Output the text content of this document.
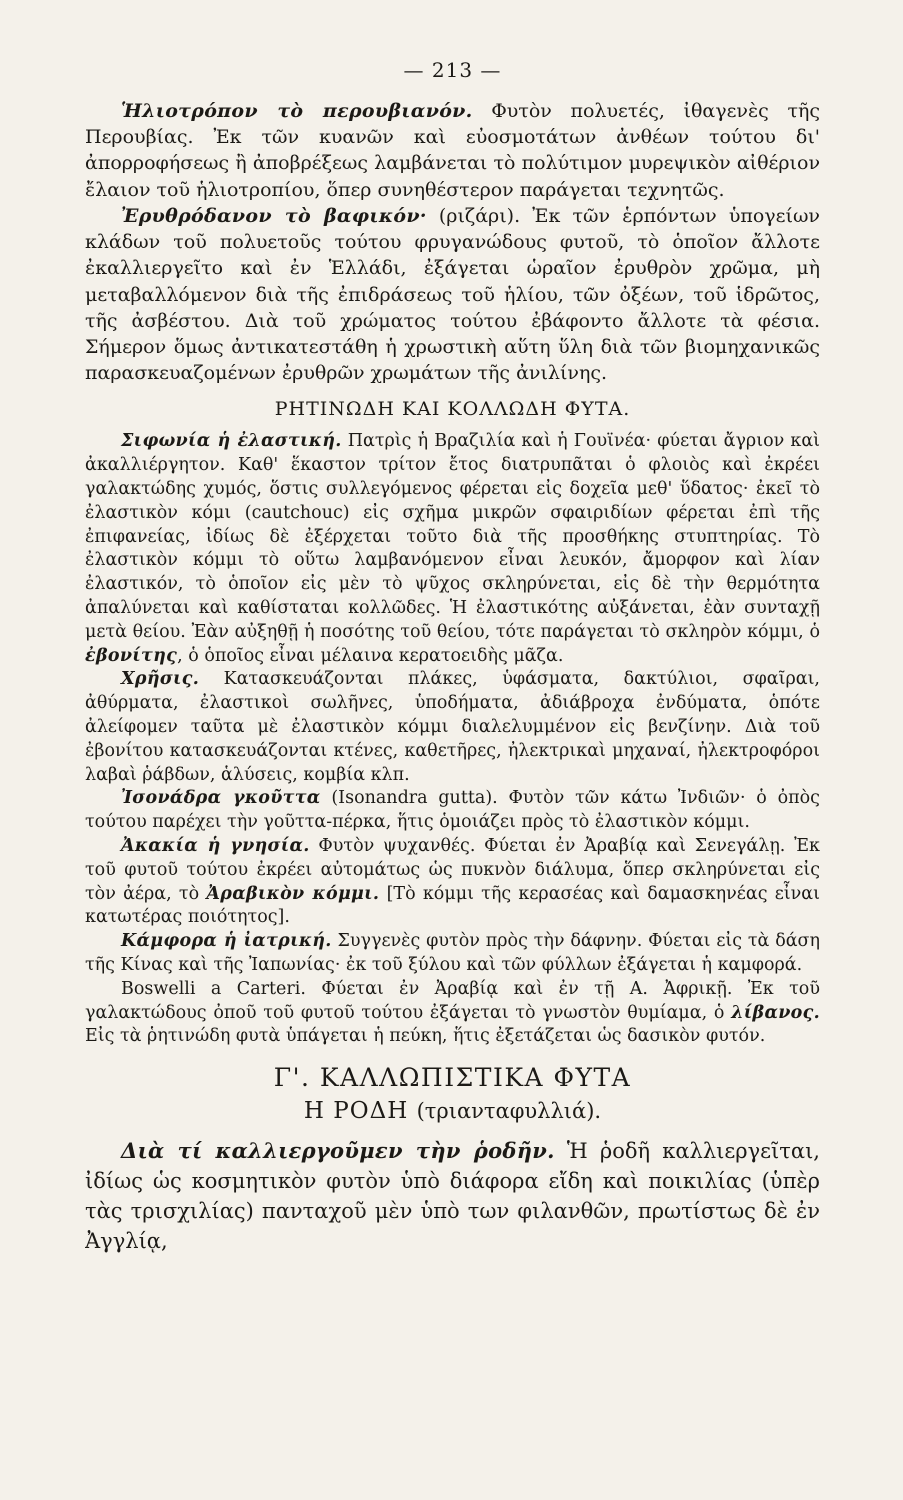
— 213 —

Ἡλιοτρόπον τὸ περουβιανόν. Φυτὸν πολυετές, ἰθαγενὲς τῆς Περουβίας. Ἐκ τῶν κυανῶν καὶ εὐοσμοτάτων ἀνθέων τούτου δι' ἀπορροφήσεως ἢ ἀποβρέξεως λαμβάνεται τὸ πολύτιμον μυρεψικὸν αἰθέριον ἔλαιον τοῦ ἡλιοτροπίου, ὅπερ συνηθέστερον παράγεται τεχνητῶς.

Ἐρυθρόδανον τὸ βαφικόν· (ριζάρι). Ἐκ τῶν ἑρπόντων ὑπογείων κλάδων τοῦ πολυετοῦς τούτου φρυγανώδους φυτοῦ, τὸ ὁποῖον ἄλλοτε ἐκαλλιεργεῖτο καὶ ἐν Ἑλλάδι, ἐξάγεται ὡραῖον ἐρυθρὸν χρῶμα, μὴ μεταβαλλόμενον διὰ τῆς ἐπιδράσεως τοῦ ἡλίου, τῶν ὀξέων, τοῦ ἱδρῶτος, τῆς ἀσβέστου. Διὰ τοῦ χρώματος τούτου ἐβάφοντο ἄλλοτε τὰ φέσια. Σήμερον ὅμως ἀντικατεστάθη ἡ χρωστικὴ αὕτη ὕλη διὰ τῶν βιομηχανικῶς παρασκευαζομένων ἐρυθρῶν χρωμάτων τῆς ἀνιλίνης.

ΡΗΤΙΝΩΔΗ ΚΑΙ ΚΟΛΛΩΔΗ ΦΥΤΑ.

Σιφωνία ἡ ἐλαστική. Πατρὶς ἡ Βραζιλία καὶ ἡ Γουϊνέα· φύεται ἄγριον καὶ ἀκαλλιέργητον. Καθ' ἕκαστον τρίτον ἔτος διατρυπᾶται ὁ φλοιὸς καὶ ἐκρέει γαλακτώδης χυμός, ὅστις συλλεγόμενος φέρεται εἰς δοχεῖα μεθ' ὕδατος· ἐκεῖ τὸ ἐλαστικὸν κόμι (cautchouc) εἰς σχῆμα μικρῶν σφαιριδίων φέρεται ἐπὶ τῆς ἐπιφανείας, ἰδίως δὲ ἐξέρχεται τοῦτο διὰ τῆς προσθήκης στυπτηρίας. Τὸ ἐλαστικὸν κόμμι τὸ οὕτω λαμβανόμενον εἶναι λευκόν, ἄμορφον καὶ λίαν ἐλαστικόν, τὸ ὁποῖον εἰς μὲν τὸ ψῦχος σκληρύνεται, εἰς δὲ τὴν θερμότητα ἀπαλύνεται καὶ καθίσταται κολλῶδες. Ἡ ἐλαστικότης αὐξάνεται, ἐὰν συνταχῇ μετὰ θείου. Ἐὰν αὐξηθῇ ἡ ποσότης τοῦ θείου, τότε παράγεται τὸ σκληρὸν κόμμι, ὁ ἐβονίτης, ὁ ὁποῖος εἶναι μέλαινα κερατοειδὴς μᾶζα.

Χρῆσις. Κατασκευάζονται πλάκες, ὑφάσματα, δακτύλιοι, σφαῖραι, ἀθύρματα, ἐλαστικοὶ σωλῆνες, ὑποδήματα, ἀδιάβροχα ἐνδύματα, ὁπότε ἀλείφομεν ταῦτα μὲ ἐλαστικὸν κόμμι διαλελυμμένον εἰς βενζίνην. Διὰ τοῦ ἐβονίτου κατασκευάζονται κτένες, καθετῆρες, ἠλεκτρικαὶ μηχαναί, ἠλεκτροφόροι λαβαὶ ῥάβδων, ἁλύσεις, κομβία κλπ.

Ἰσονάδρα γκοῦττα (Isonandra gutta). Φυτὸν τῶν κάτω Ἰνδιῶν· ὁ ὀπὸς τούτου παρέχει τὴν γοῦττα-πέρκα, ἥτις ὁμοιάζει πρὸς τὸ ἐλαστικὸν κόμμι.

Ἀκακία ἡ γνησία. Φυτὸν ψυχανθές. Φύεται ἐν Ἀραβίᾳ καὶ Σενεγάλῃ. Ἐκ τοῦ φυτοῦ τούτου ἐκρέει αὐτομάτως ὡς πυκνὸν διάλυμα, ὅπερ σκληρύνεται εἰς τὸν ἀέρα, τὸ Ἀραβικὸν κόμμι. [Τὸ κόμμι τῆς κερασέας καὶ δαμασκηνέας εἶναι κατωτέρας ποιότητος].

Κάμφορα ἡ ἰατρική. Συγγενὲς φυτὸν πρὸς τὴν δάφνην. Φύεται εἰς τὰ δάση τῆς Κίνας καὶ τῆς Ἰαπωνίας· ἐκ τοῦ ξύλου καὶ τῶν φύλλων ἐξάγεται ἡ καμφορά.

Boswelli a Carteri. Φύεται ἐν Ἀραβίᾳ καὶ ἐν τῇ Α. Ἀφρικῇ. Ἐκ τοῦ γαλακτώδους ὀποῦ τοῦ φυτοῦ τούτου ἐξάγεται τὸ γνωστὸν θυμίαμα, ὁ λίβανος. Εἰς τὰ ῥητινώδη φυτὰ ὑπάγεται ἡ πεύκη, ἥτις ἐξετάζεται ὡς δασικὸν φυτόν.

Γ'. ΚΑΛΛΩΠΙΣΤΙΚΑ ΦΥΤΑ
Η ΡΟΔΗ (τριανταφυλλιά).

Διὰ τί καλλιεργοῦμεν τὴν ῥοδῆν. Ἡ ῥοδῆ καλλιεργεῖται, ἰδίως ὡς κοσμητικὸν φυτὸν ὑπὸ διάφορα εἴδη καὶ ποικιλίας (ὑπὲρ τὰς τρισχιλίας) πανταχοῦ μὲν ὑπὸ των φιλανθῶν, πρωτίστως δὲ ἐν Ἀγγλίᾳ,
